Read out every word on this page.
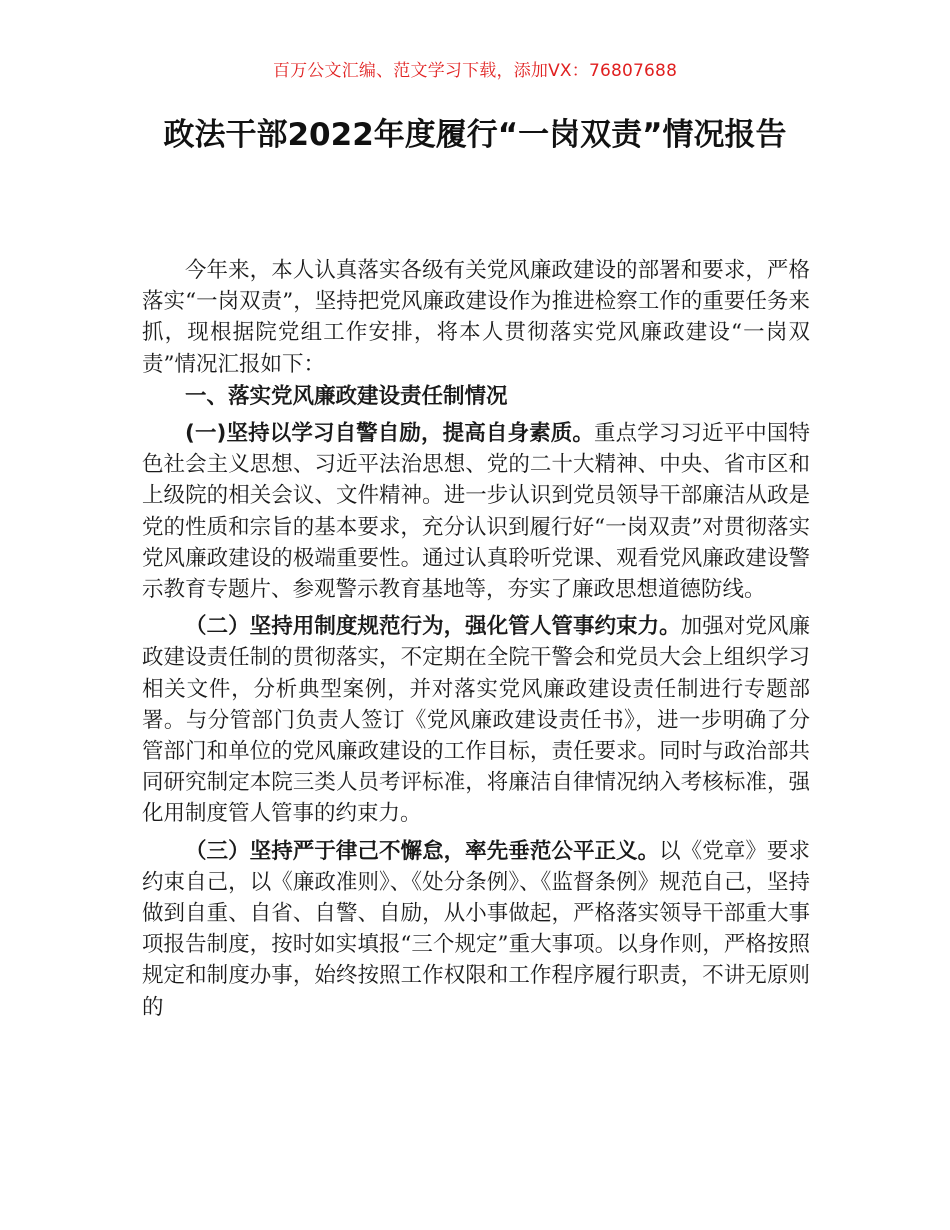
百万公文汇编、范文学习下载，添加VX：76807688
政法干部2022年度履行“一岗双责”情况报告

今年来，本人认真落实各级有关党风廉政建设的部署和要求，严格落实“一岗双责”，坚持把党风廉政建设作为推进检察工作的重要任务来抓，现根据院党组工作安排，将本人贯彻落实党风廉政建设“一岗双责”情况汇报如下：

一、落实党风廉政建设责任制情况

(一)坚持以学习自警自励，提高自身素质。重点学习习近平中国特色社会主义思想、习近平法治思想、党的二十大精神、中央、省市区和上级院的相关会议、文件精神。进一步认识到党员领导干部廉洁从政是党的性质和宗旨的基本要求，充分认识到履行好“一岗双责”对贯彻落实党风廉政建设的极端重要性。通过认真聆听党课、观看党风廉政建设警示教育专题片、参观警示教育基地等，夯实了廉政思想道德防线。

（二）坚持用制度规范行为，强化管人管事约束力。加强对党风廉政建设责任制的贯彻落实，不定期在全院干警会和党员大会上组织学习相关文件，分析典型案例，并对落实党风廉政建设责任制进行专题部署。与分管部门负责人签订《党风廉政建设责任书》，进一步明确了分管部门和单位的党风廉政建设的工作目标，责任要求。同时与政治部共同研究制定本院三类人员考评标准，将廉洁自律情况纳入考核标准，强化用制度管人管事的约束力。

（三）坚持严于律己不懈怠，率先垂范公平正义。以《党章》要求约束自己，以《廉政准则》、《处分条例》、《监督条例》规范自己，坚持做到自重、自省、自警、自励，从小事做起，严格落实领导干部重大事项报告制度，按时如实填报“三个规定”重大事项。以身作则，严格按照规定和制度办事，始终按照工作权限和工作程序履行职责，不讲无原则的
